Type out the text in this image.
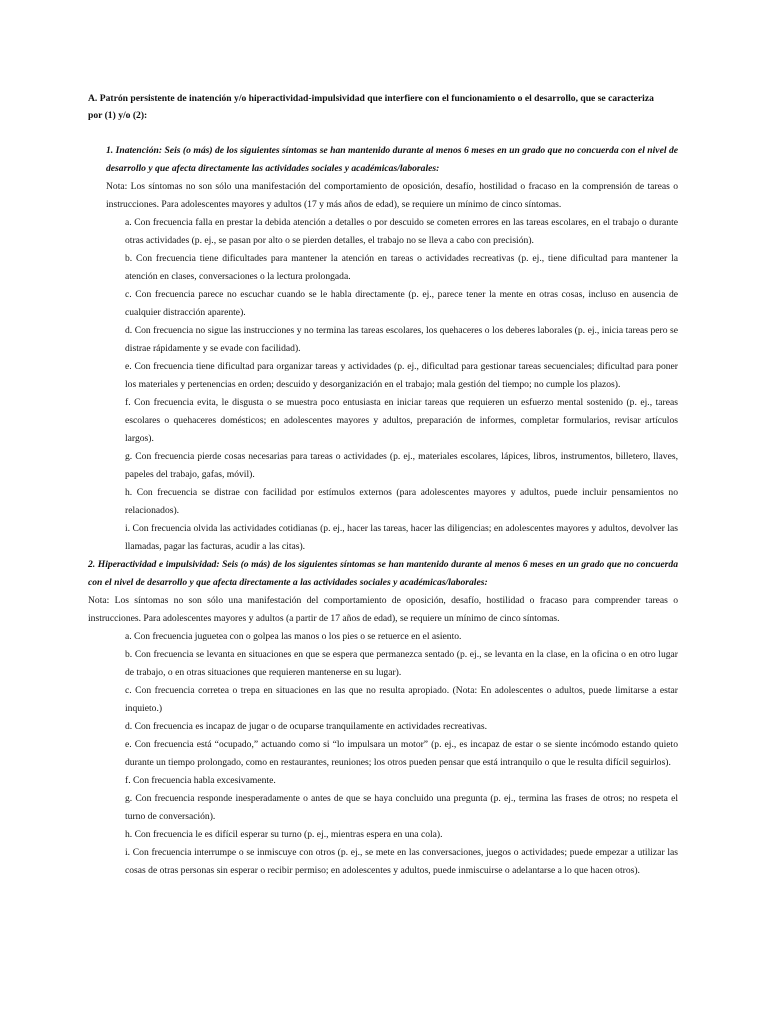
A. Patrón persistente de inatención y/o hiperactividad-impulsividad que interfiere con el funcionamiento o el desarrollo, que se caracteriza

por (1) y/o (2):

1. Inatención: Seis (o más) de los siguientes síntomas se han mantenido durante al menos 6 meses en un grado que no concuerda con el nivel de desarrollo y que afecta directamente las actividades sociales y académicas/laborales:

Nota: Los síntomas no son sólo una manifestación del comportamiento de oposición, desafío, hostilidad o fracaso en la comprensión de tareas o instrucciones. Para adolescentes mayores y adultos (17 y más años de edad), se requiere un mínimo de cinco síntomas.

a. Con frecuencia falla en prestar la debida atención a detalles o por descuido se cometen errores en las tareas escolares, en el trabajo o durante otras actividades (p. ej., se pasan por alto o se pierden detalles, el trabajo no se lleva a cabo con precisión).

b. Con frecuencia tiene dificultades para mantener la atención en tareas o actividades recreativas (p. ej., tiene dificultad para mantener la atención en clases, conversaciones o la lectura prolongada.

c. Con frecuencia parece no escuchar cuando se le habla directamente (p. ej., parece tener la mente en otras cosas, incluso en ausencia de cualquier distracción aparente).

d. Con frecuencia no sigue las instrucciones y no termina las tareas escolares, los quehaceres o los deberes laborales (p. ej., inicia tareas pero se distrae rápidamente y se evade con facilidad).

e. Con frecuencia tiene dificultad para organizar tareas y actividades (p. ej., dificultad para gestionar tareas secuenciales; dificultad para poner los materiales y pertenencias en orden; descuido y desorganización en el trabajo; mala gestión del tiempo; no cumple los plazos).

f. Con frecuencia evita, le disgusta o se muestra poco entusiasta en iniciar tareas que requieren un esfuerzo mental sostenido (p. ej., tareas escolares o quehaceres domésticos; en adolescentes mayores y adultos, preparación de informes, completar formularios, revisar artículos largos).

g. Con frecuencia pierde cosas necesarias para tareas o actividades (p. ej., materiales escolares, lápices, libros, instrumentos, billetero, llaves, papeles del trabajo, gafas, móvil).

h. Con frecuencia se distrae con facilidad por estímulos externos (para adolescentes mayores y adultos, puede incluir pensamientos no relacionados).

i. Con frecuencia olvida las actividades cotidianas (p. ej., hacer las tareas, hacer las diligencias; en adolescentes mayores y adultos, devolver las llamadas, pagar las facturas, acudir a las citas).

2. Hiperactividad e impulsividad: Seis (o más) de los siguientes síntomas se han mantenido durante al menos 6 meses en un grado que no concuerda con el nivel de desarrollo y que afecta directamente a las actividades sociales y académicas/laborales:

Nota: Los síntomas no son sólo una manifestación del comportamiento de oposición, desafío, hostilidad o fracaso para comprender tareas o instrucciones. Para adolescentes mayores y adultos (a partir de 17 años de edad), se requiere un mínimo de cinco síntomas.

a. Con frecuencia juguetea con o golpea las manos o los pies o se retuerce en el asiento.

b. Con frecuencia se levanta en situaciones en que se espera que permanezca sentado (p. ej., se levanta en la clase, en la oficina o en otro lugar de trabajo, o en otras situaciones que requieren mantenerse en su lugar).

c. Con frecuencia corretea o trepa en situaciones en las que no resulta apropiado. (Nota: En adolescentes o adultos, puede limitarse a estar inquieto.)

d. Con frecuencia es incapaz de jugar o de ocuparse tranquilamente en actividades recreativas.

e. Con frecuencia está “ocupado,” actuando como si “lo impulsara un motor” (p. ej., es incapaz de estar o se siente incómodo estando quieto durante un tiempo prolongado, como en restaurantes, reuniones; los otros pueden pensar que está intranquilo o que le resulta difícil seguirlos).

f. Con frecuencia habla excesivamente.

g. Con frecuencia responde inesperadamente o antes de que se haya concluido una pregunta (p. ej., termina las frases de otros; no respeta el turno de conversación).

h. Con frecuencia le es difícil esperar su turno (p. ej., mientras espera en una cola).

i. Con frecuencia interrumpe o se inmiscuye con otros (p. ej., se mete en las conversaciones, juegos o actividades; puede empezar a utilizar las cosas de otras personas sin esperar o recibir permiso; en adolescentes y adultos, puede inmiscuirse o adelantarse a lo que hacen otros).
